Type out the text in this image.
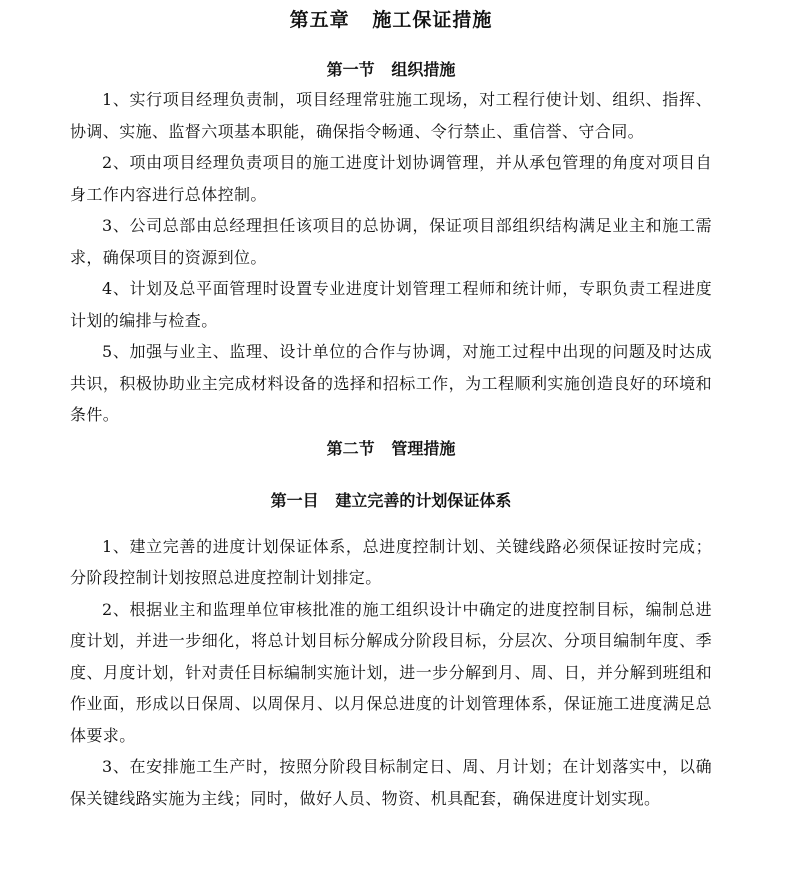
第五章   施工保证措施
第一节   组织措施

1、实行项目经理负责制，项目经理常驻施工现场，对工程行使计划、组织、指挥、协调、实施、监督六项基本职能，确保指令畅通、令行禁止、重信誉、守合同。

2、项由项目经理负责项目的施工进度计划协调管理，并从承包管理的角度对项目自身工作内容进行总体控制。

3、公司总部由总经理担任该项目的总协调，保证项目部组织结构满足业主和施工需求，确保项目的资源到位。

4、计划及总平面管理时设置专业进度计划管理工程师和统计师，专职负责工程进度计划的编排与检查。

5、加强与业主、监理、设计单位的合作与协调，对施工过程中出现的问题及时达成共识，积极协助业主完成材料设备的选择和招标工作，为工程顺利实施创造良好的环境和条件。

第二节   管理措施
第一目   建立完善的计划保证体系

1、建立完善的进度计划保证体系，总进度控制计划、关键线路必须保证按时完成；分阶段控制计划按照总进度控制计划排定。

2、根据业主和监理单位审核批准的施工组织设计中确定的进度控制目标，编制总进度计划，并进一步细化，将总计划目标分解成分阶段目标，分层次、分项目编制年度、季度、月度计划，针对责任目标编制实施计划，进一步分解到月、周、日，并分解到班组和作业面，形成以日保周、以周保月、以月保总进度的计划管理体系，保证施工进度满足总体要求。

3、在安排施工生产时，按照分阶段目标制定日、周、月计划；在计划落实中，以确保关键线路实施为主线；同时，做好人员、物资、机具配套，确保进度计划实现。
